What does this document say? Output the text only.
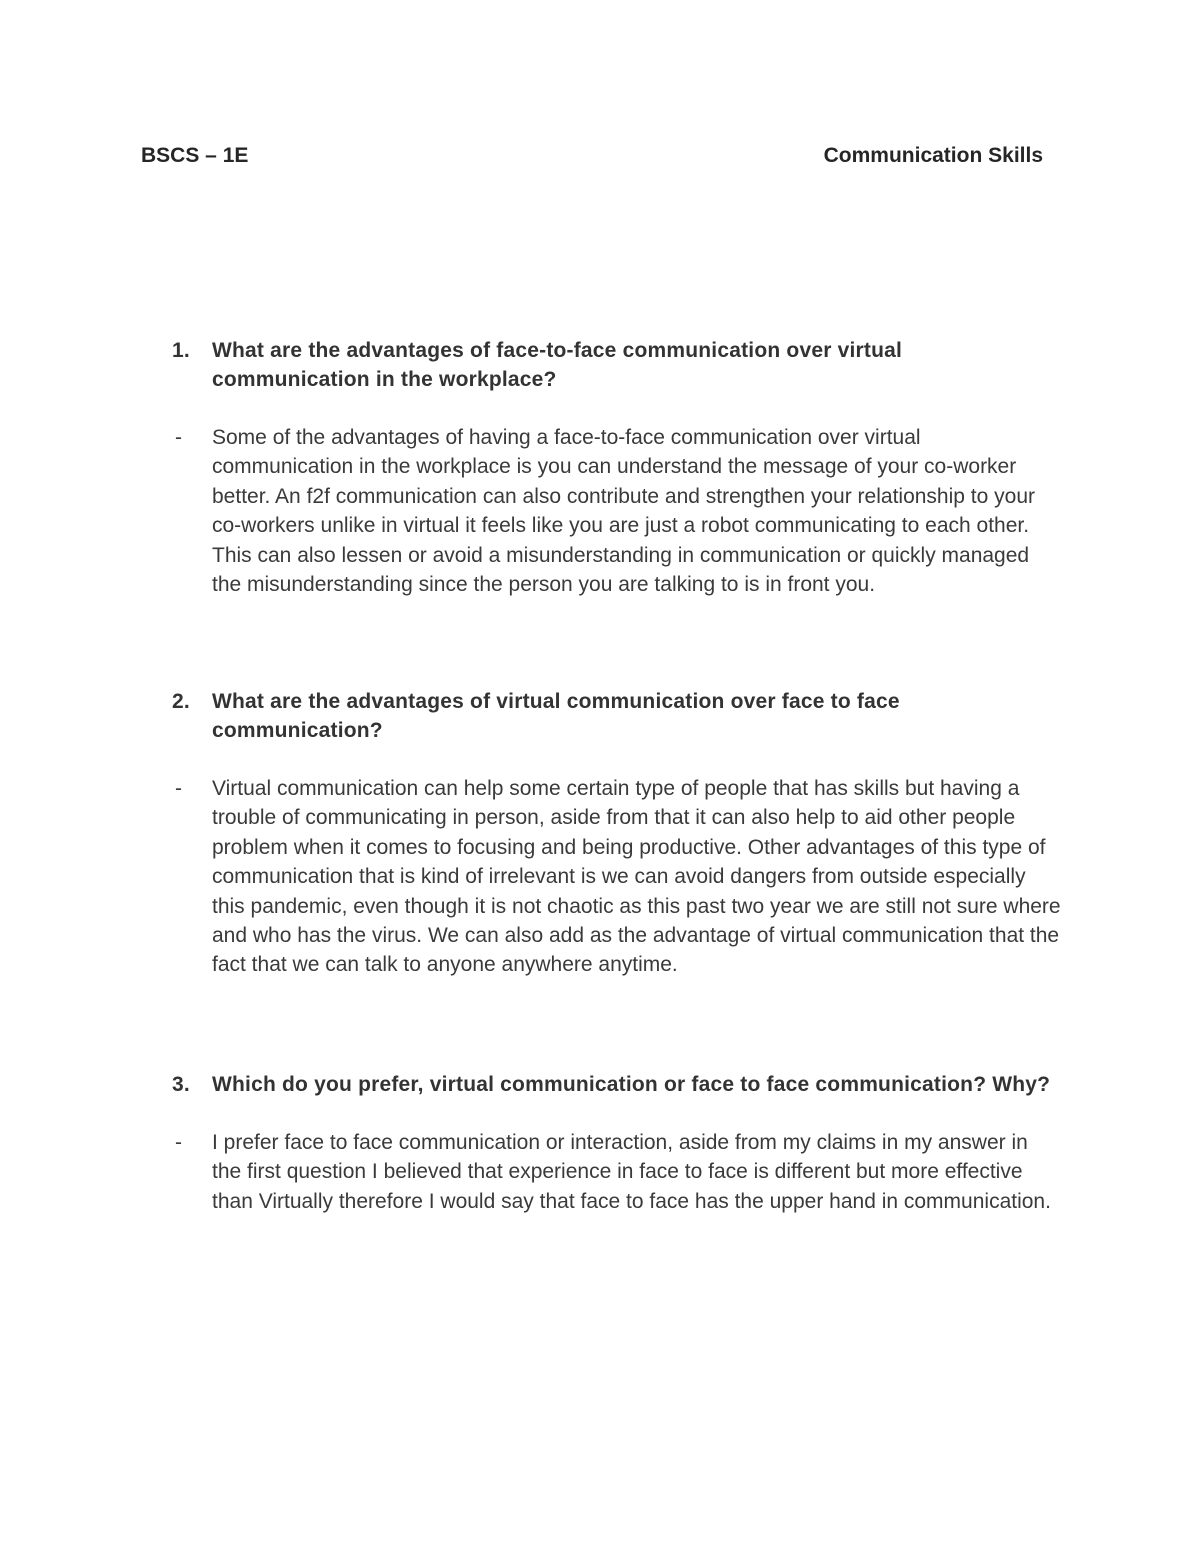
BSCS – 1E	Communication Skills
1. What are the advantages of face-to-face communication over virtual communication in the workplace?
- Some of the advantages of having a face-to-face communication over virtual communication in the workplace is you can understand the message of your co-worker better. An f2f communication can also contribute and strengthen your relationship to your co-workers unlike in virtual it feels like you are just a robot communicating to each other. This can also lessen or avoid a misunderstanding in communication or quickly managed the misunderstanding since the person you are talking to is in front you.
2. What are the advantages of virtual communication over face to face communication?
- Virtual communication can help some certain type of people that has skills but having a trouble of communicating in person, aside from that it can also help to aid other people problem when it comes to focusing and being productive. Other advantages of this type of communication that is kind of irrelevant is we can avoid dangers from outside especially this pandemic, even though it is not chaotic as this past two year we are still not sure where and who has the virus. We can also add as the advantage of virtual communication that the fact that we can talk to anyone anywhere anytime.
3. Which do you prefer, virtual communication or face to face communication? Why?
- I prefer face to face communication or interaction, aside from my claims in my answer in the first question I believed that experience in face to face is different but more effective than Virtually therefore I would say that face to face has the upper hand in communication.
